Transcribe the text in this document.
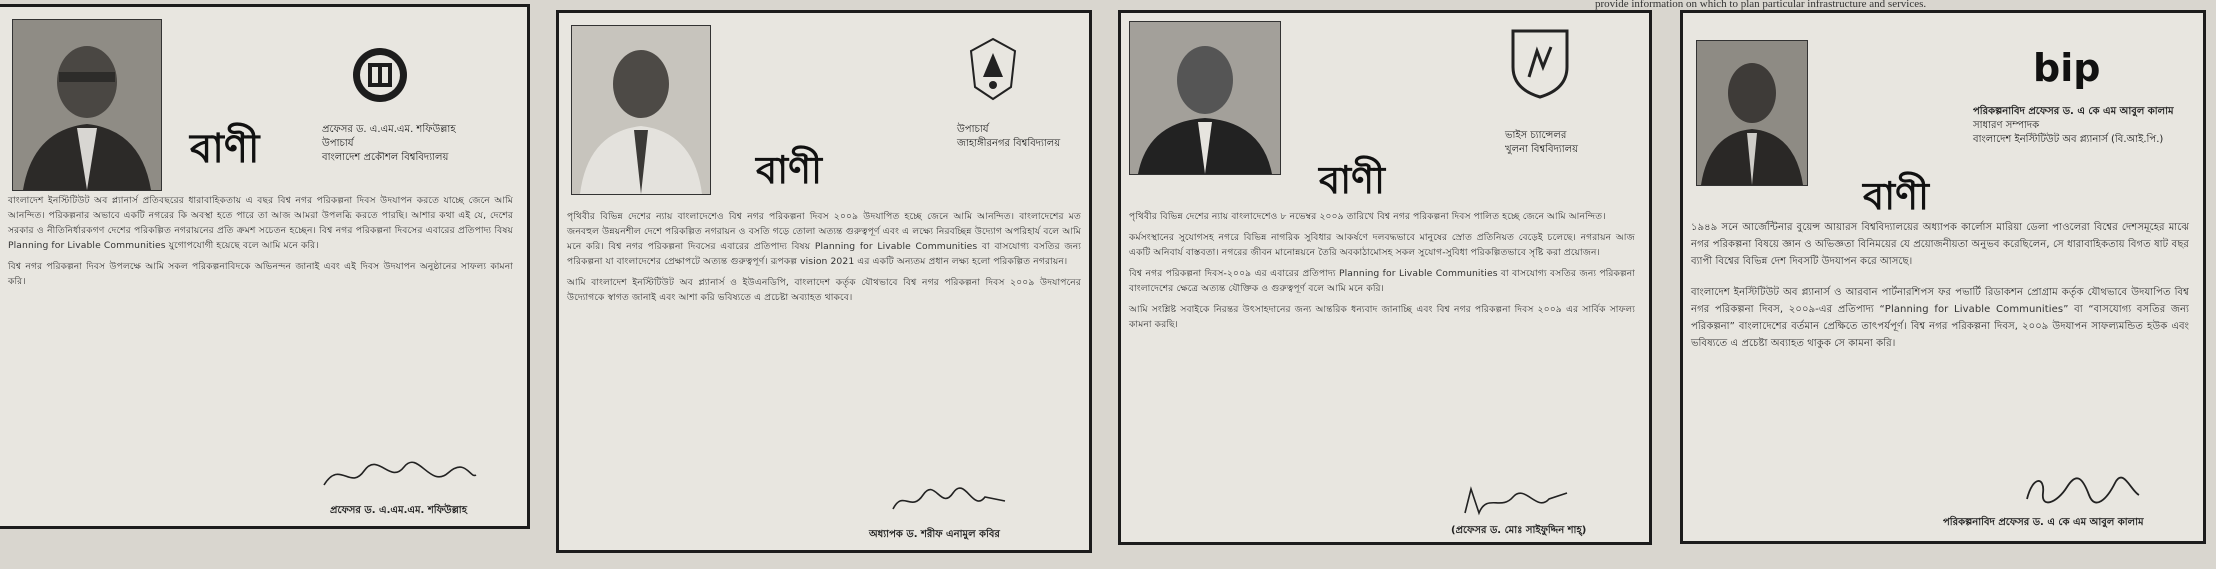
provide information on which to plan particular infrastructure and services.
বাণী	প্রফেসর ড. এ.এম.এম. শফিউল্লাহ
উপাচার্য
বাংলাদেশ প্রকৌশল বিশ্ববিদ্যালয়

বাংলাদেশ ইনস্টিটিউট অব প্ল্যানার্স প্রতিবছরের ধারাবাহিকতায় এ বছর বিশ্ব নগর পরিকল্পনা দিবস উদযাপন করতে যাচ্ছে জেনে আমি আনন্দিত। পরিকল্পনার অভাবে একটি নগরের কি অবস্থা হতে পারে তা আজ আমরা উপলব্ধি করতে পারছি। আশার কথা এই যে, দেশের সরকার ও নীতিনির্ধারকগণ দেশের পরিকল্পিত নগরায়নের প্রতি ক্রমশ সচেতন হচ্ছেন। বিশ্ব নগর পরিকল্পনা দিবসের এবারের প্রতিপাদ্য বিষয় Planning for Livable Communities যুগোপযোগী হয়েছে বলে আমি মনে করি।

বিশ্ব নগর পরিকল্পনা দিবস উপলক্ষে আমি সকল পরিকল্পনাবিদকে অভিনন্দন জানাই এবং এই দিবস উদযাপন অনুষ্ঠানের সাফল্য কামনা করি।

প্রফেসর ড. এ.এম.এম. শফিউল্লাহ
বাণী
উপাচার্য
জাহাঙ্গীরনগর বিশ্ববিদ্যালয়

পৃথিবীর বিভিন্ন দেশের ন্যায় বাংলাদেশেও বিশ্ব নগর পরিকল্পনা দিবস ২০০৯ উদযাপিত হচ্ছে জেনে আমি আনন্দিত। বাংলাদেশের মত জনবহুল উন্নয়নশীল দেশে পরিকল্পিত নগরায়ন ও বসতি গড়ে তোলা অত্যন্ত গুরুত্বপূর্ণ এবং এ লক্ষ্যে নিরবচ্ছিন্ন উদ্যোগ অপরিহার্য বলে আমি মনে করি। বিশ্ব নগর পরিকল্পনা দিবসের এবারের প্রতিপাদ্য বিষয় Planning for Livable Communities বা বাসযোগ্য বসতির জন্য পরিকল্পনা যা বাংলাদেশের প্রেক্ষাপটে অত্যন্ত গুরুত্বপূর্ণ। রূপকল্প vision 2021 এর একটি অন্যতম প্রধান লক্ষ্য হলো পরিকল্পিত নগরায়ন।

আমি বাংলাদেশ ইনস্টিটিউট অব প্ল্যানার্স ও ইউএনডিপি, বাংলাদেশ কর্তৃক যৌথভাবে বিশ্ব নগর পরিকল্পনা দিবস ২০০৯ উদযাপনের উদ্যোগকে স্বাগত জানাই এবং আশা করি ভবিষ্যতে এ প্রচেষ্টা অব্যাহত থাকবে।

অধ্যাপক ড. শরীফ এনামুল কবির
বাণী
ভাইস চ্যান্সেলর
খুলনা বিশ্ববিদ্যালয়

পৃথিবীর বিভিন্ন দেশের ন্যায় বাংলাদেশেও ৮ নভেম্বর ২০০৯ তারিখে বিশ্ব নগর পরিকল্পনা দিবস পালিত হচ্ছে জেনে আমি আনন্দিত।

কর্মসংস্থানের সুযোগসহ নগরে বিভিন্ন নাগরিক সুবিধার আকর্ষণে দলবদ্ধভাবে মানুষের স্রোত প্রতিনিয়ত বেড়েই চলেছে। নগরায়ন আজ একটি অনিবার্য বাস্তবতা। নগরের জীবন মানোন্নয়নে তৈরি অবকাঠামোসহ সকল সুযোগ-সুবিধা পরিকল্পিতভাবে সৃষ্টি করা প্রয়োজন।

বিশ্ব নগর পরিকল্পনা দিবস-২০০৯ এর এবারের প্রতিপাদ্য Planning for Livable Communities বা বাসযোগ্য বসতির জন্য পরিকল্পনা বাংলাদেশের ক্ষেত্রে অত্যন্ত যৌক্তিক ও গুরুত্বপূর্ণ বলে আমি মনে করি।

আমি সংশ্লিষ্ট সবাইকে নিরন্তর উৎসাহদানের জন্য আন্তরিক ধন্যবাদ জানাচ্ছি এবং বিশ্ব নগর পরিকল্পনা দিবস ২০০৯ এর সার্বিক সাফল্য কামনা করছি।

(প্রফেসর ড. মোঃ সাইফুদ্দিন শাহ্‌)
bip
পরিকল্পনাবিদ প্রফেসর ড. এ কে এম আবুল কালাম
সাধারণ সম্পাদক
বাংলাদেশ ইনস্টিটিউট অব প্ল্যানার্স (বি.আই.পি.)
বাণী

১৯৪৯ সনে আর্জেন্টিনার বুয়েন্স আয়ারস বিশ্ববিদ্যালয়ের অধ্যাপক কার্লোস মারিয়া ডেলা পাওলেরা বিশ্বের দেশসমূহের মাঝে নগর পরিকল্পনা বিষয়ে জ্ঞান ও অভিজ্ঞতা বিনিময়ের যে প্রয়োজনীয়তা অনুভব করেছিলেন, সে ধারাবাহিকতায় বিগত ষাট বছর ব্যাপী বিশ্বের বিভিন্ন দেশ দিবসটি উদযাপন করে আসছে।

বাংলাদেশ ইনস্টিটিউট অব প্ল্যানার্স ও আরবান পার্টনারশিপস ফর পভার্টি রিডাকশন প্রোগ্রাম কর্তৃক যৌথভাবে উদযাপিত বিশ্ব নগর পরিকল্পনা দিবস, ২০০৯-এর প্রতিপাদ্য “Planning for Livable Communities” বা “বাসযোগ্য বসতির জন্য পরিকল্পনা” বাংলাদেশের বর্তমান প্রেক্ষিতে তাৎপর্যপূর্ণ। বিশ্ব নগর পরিকল্পনা দিবস, ২০০৯ উদযাপন সাফল্যমন্ডিত হউক এবং ভবিষ্যতে এ প্রচেষ্টা অব্যাহত থাকুক সে কামনা করি।

পরিকল্পনাবিদ প্রফেসর ড. এ কে এম আবুল কালাম
